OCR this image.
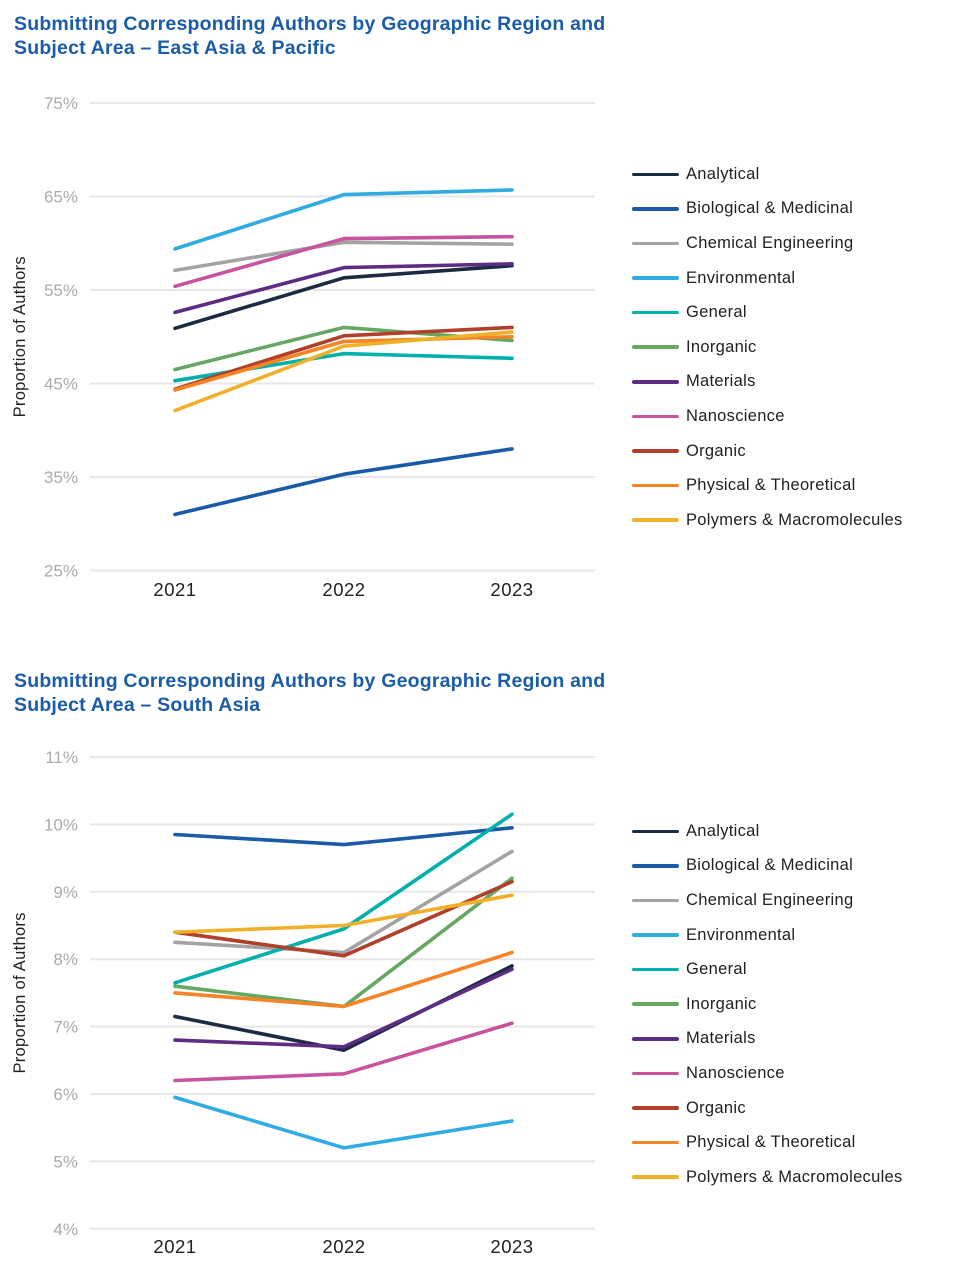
Submitting Corresponding Authors by Geographic Region and Subject Area – East Asia & Pacific
75%
65%
55%
45%
35%
25%
2021	2022	2023
Proportion of Authors
Analytical
Biological & Medicinal
Chemical Engineering
Environmental
General
Inorganic
Materials
Nanoscience
Organic
Physical & Theoretical
Polymers & Macromolecules
Submitting Corresponding Authors by Geographic Region and Subject Area – South Asia
11%
10%
9%
8%
7%
6%
5%
4%
2021	2022	2023
Proportion of Authors
Analytical
Biological & Medicinal
Chemical Engineering
Environmental
General
Inorganic
Materials
Nanoscience
Organic
Physical & Theoretical
Polymers & Macromolecules
